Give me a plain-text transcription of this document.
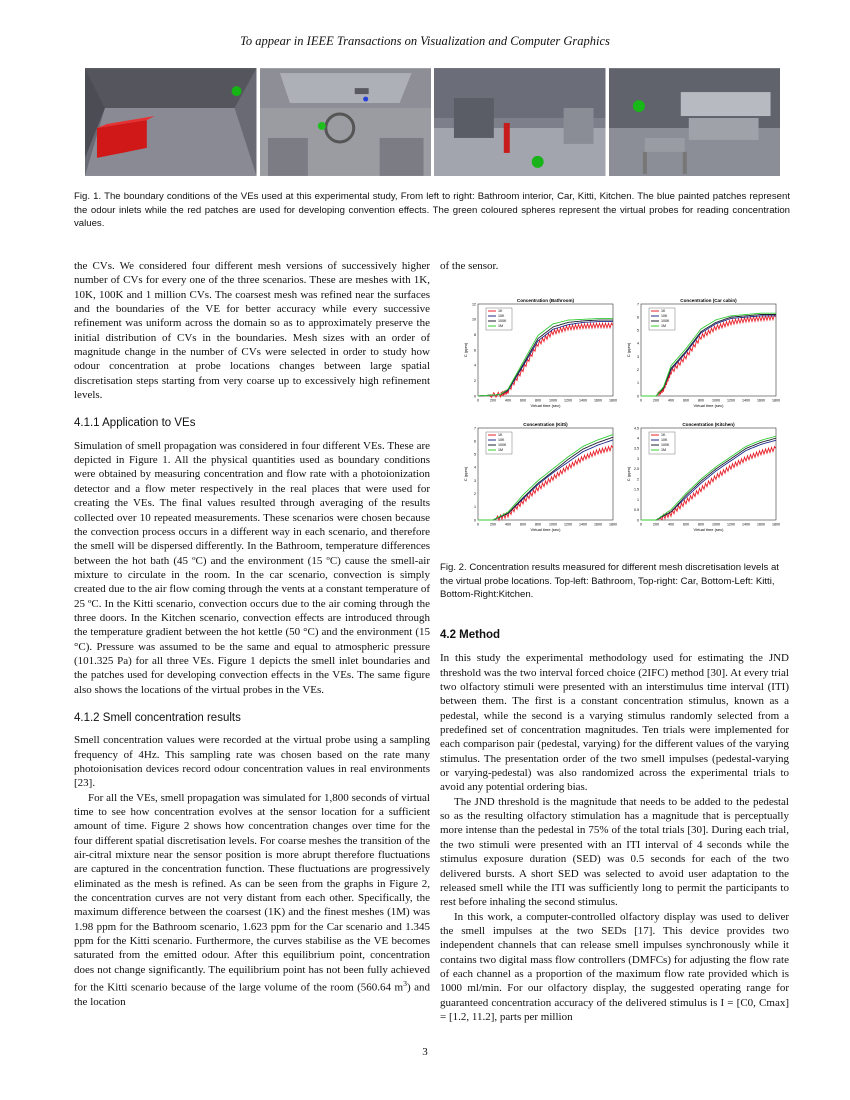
To appear in IEEE Transactions on Visualization and Computer Graphics
Fig. 1. The boundary conditions of the VEs used at this experimental study, From left to right: Bathroom interior, Car, Kitti, Kitchen. The blue painted patches represent the odour inlets while the red patches are used for developing convention effects. The green coloured spheres represent the virtual probes for reading concentration values.

the CVs. We considered four different mesh versions of successively higher number of CVs for every one of the three scenarios. These are meshes with 1K, 10K, 100K and 1 million CVs. The coarsest mesh was refined near the surfaces and the boundaries of the VE for better accuracy while every successive refinement was uniform across the domain so as to approximately preserve the initial distribution of CVs in the boundaries. Mesh sizes with an order of magnitude change in the number of CVs were selected in order to study how odour concentration at probe locations changes between large spatial discretisation steps starting from very coarse up to excessively high refinement levels.

4.1.1 Application to VEs

Simulation of smell propagation was considered in four different VEs. These are depicted in Figure 1. All the physical quantities used as boundary conditions were obtained by measuring concentration and flow rate with a photoionization detector and a flow meter respectively in the real places that were used for creating the VEs. The final values resulted through averaging of the results collected over 10 repeated measurements. These scenarios were chosen because the convection process occurs in a different way in each scenario, and therefore the smell will be dispersed differently. In the Bathroom, temperature differences between the hot bath (45 ºC) and the environment (15 ºC) cause the smell-air mixture to circulate in the room. In the car scenario, convection is simply created due to the air flow coming through the vents at a constant temperature of 25 ºC. In the Kitti scenario, convection occurs due to the air coming through the three doors. In the Kitchen scenario, convection effects are introduced through the temperature gradient between the hot kettle (50 °C) and the environment (15 °C). Pressure was assumed to be the same and equal to atmospheric pressure (101.325 Pa) for all three VEs. Figure 1 depicts the smell inlet boundaries and the patches used for developing convection effects in the VEs. The same figure also shows the locations of the virtual probes in the VEs.

4.1.2 Smell concentration results

Smell concentration values were recorded at the virtual probe using a sampling frequency of 4Hz. This sampling rate was chosen based on the rate many photoionisation devices record odour concentration values in real environments [23].

For all the VEs, smell propagation was simulated for 1,800 seconds of virtual time to see how concentration evolves at the sensor location for a sufficient amount of time. Figure 2 shows how concentration changes over time for the four different spatial discretisation levels. For coarse meshes the transition of the air-citral mixture near the sensor position is more abrupt therefore fluctuations are captured in the concentration function. These fluctuations are progressively eliminated as the mesh is refined. As can be seen from the graphs in Figure 2, the concentration curves are not very distant from each other. Specifically, the maximum difference between the coarsest (1K) and the finest meshes (1M) was 1.98 ppm for the Bathroom scenario, 1.623 ppm for the Car scenario and 1.345 ppm for the Kitti scenario. Furthermore, the curves stabilise as the VE becomes saturated from the emitted odour. After this equilibrium point, concentration does not change significantly. The equilibrium point has not been fully achieved for the Kitti scenario because of the large volume of the room (560.64 $m^3$) and the location

of the sensor.

Concentration (Bathroom)
0	200	400	600	800 1000 1200 1400 1600 1800
0
2
4
6
8
10
12
Virtual time (sec)
C (ppm)
1K
10K
100K
1M
Concentration (Car cabin)
0	200	400	600	800 1000 1200 1400 1600 1800
0
1
2
3
4
5
6
7
Virtual time (sec)
C (ppm)
1K
10K
100K
1M
Concentration (Kitti)
0	200	400	600	800 1000 1200 1400 1600 1800
0
1
2
3
4
5
6
7
Virtual time (sec)
C (ppm)
1K
10K
100K
1M
Concentration (Kitchen)
0	200	400	600	800 1000 1200 1400 1600 1800
0
0.5
1
1.5
2
2.5
3
3.5
4
4.5
Virtual time (sec)
C (ppm)
1K
10K
100K
1M
Fig. 2. Concentration results measured for different mesh discretisation levels at the virtual probe locations. Top-left: Bathroom, Top-right: Car, Bottom-Left: Kitti, Bottom-Right:Kitchen.
4.2 Method

In this study the experimental methodology used for estimating the JND threshold was the two interval forced choice (2IFC) method [30]. At every trial two olfactory stimuli were presented with an interstimulus time interval (ITI) between them. The first is a constant concentration stimulus, known as a pedestal, while the second is a varying stimulus randomly selected from a predefined set of concentration magnitudes. Ten trials were implemented for each comparison pair (pedestal, varying) for the different values of the varying stimulus. The presentation order of the two smell impulses (pedestal-varying or varying-pedestal) was also randomized across the experimental trials to avoid any potential ordering bias.

The JND threshold is the magnitude that needs to be added to the pedestal so as the resulting olfactory stimulation has a magnitude that is perceptually more intense than the pedestal in 75% of the total trials [30]. During each trial, the two stimuli were presented with an ITI interval of 4 seconds while the stimulus exposure duration (SED) was 0.5 seconds for each of the two delivered bursts. A short SED was selected to avoid user adaptation to the released smell while the ITI was sufficiently long to permit the participants to rest before inhaling the second stimulus.

In this work, a computer-controlled olfactory display was used to deliver the smell impulses at the two SEDs [17]. This device provides two independent channels that can release smell impulses synchronously while it contains two digital mass flow controllers (DMFCs) for adjusting the flow rate of each channel as a proportion of the maximum flow rate provided which is 1000 ml/min. For our olfactory display, the suggested operating range for guaranteed concentration accuracy of the delivered stimulus is I = [C0, Cmax] = [1.2, 11.2], parts per million

3
